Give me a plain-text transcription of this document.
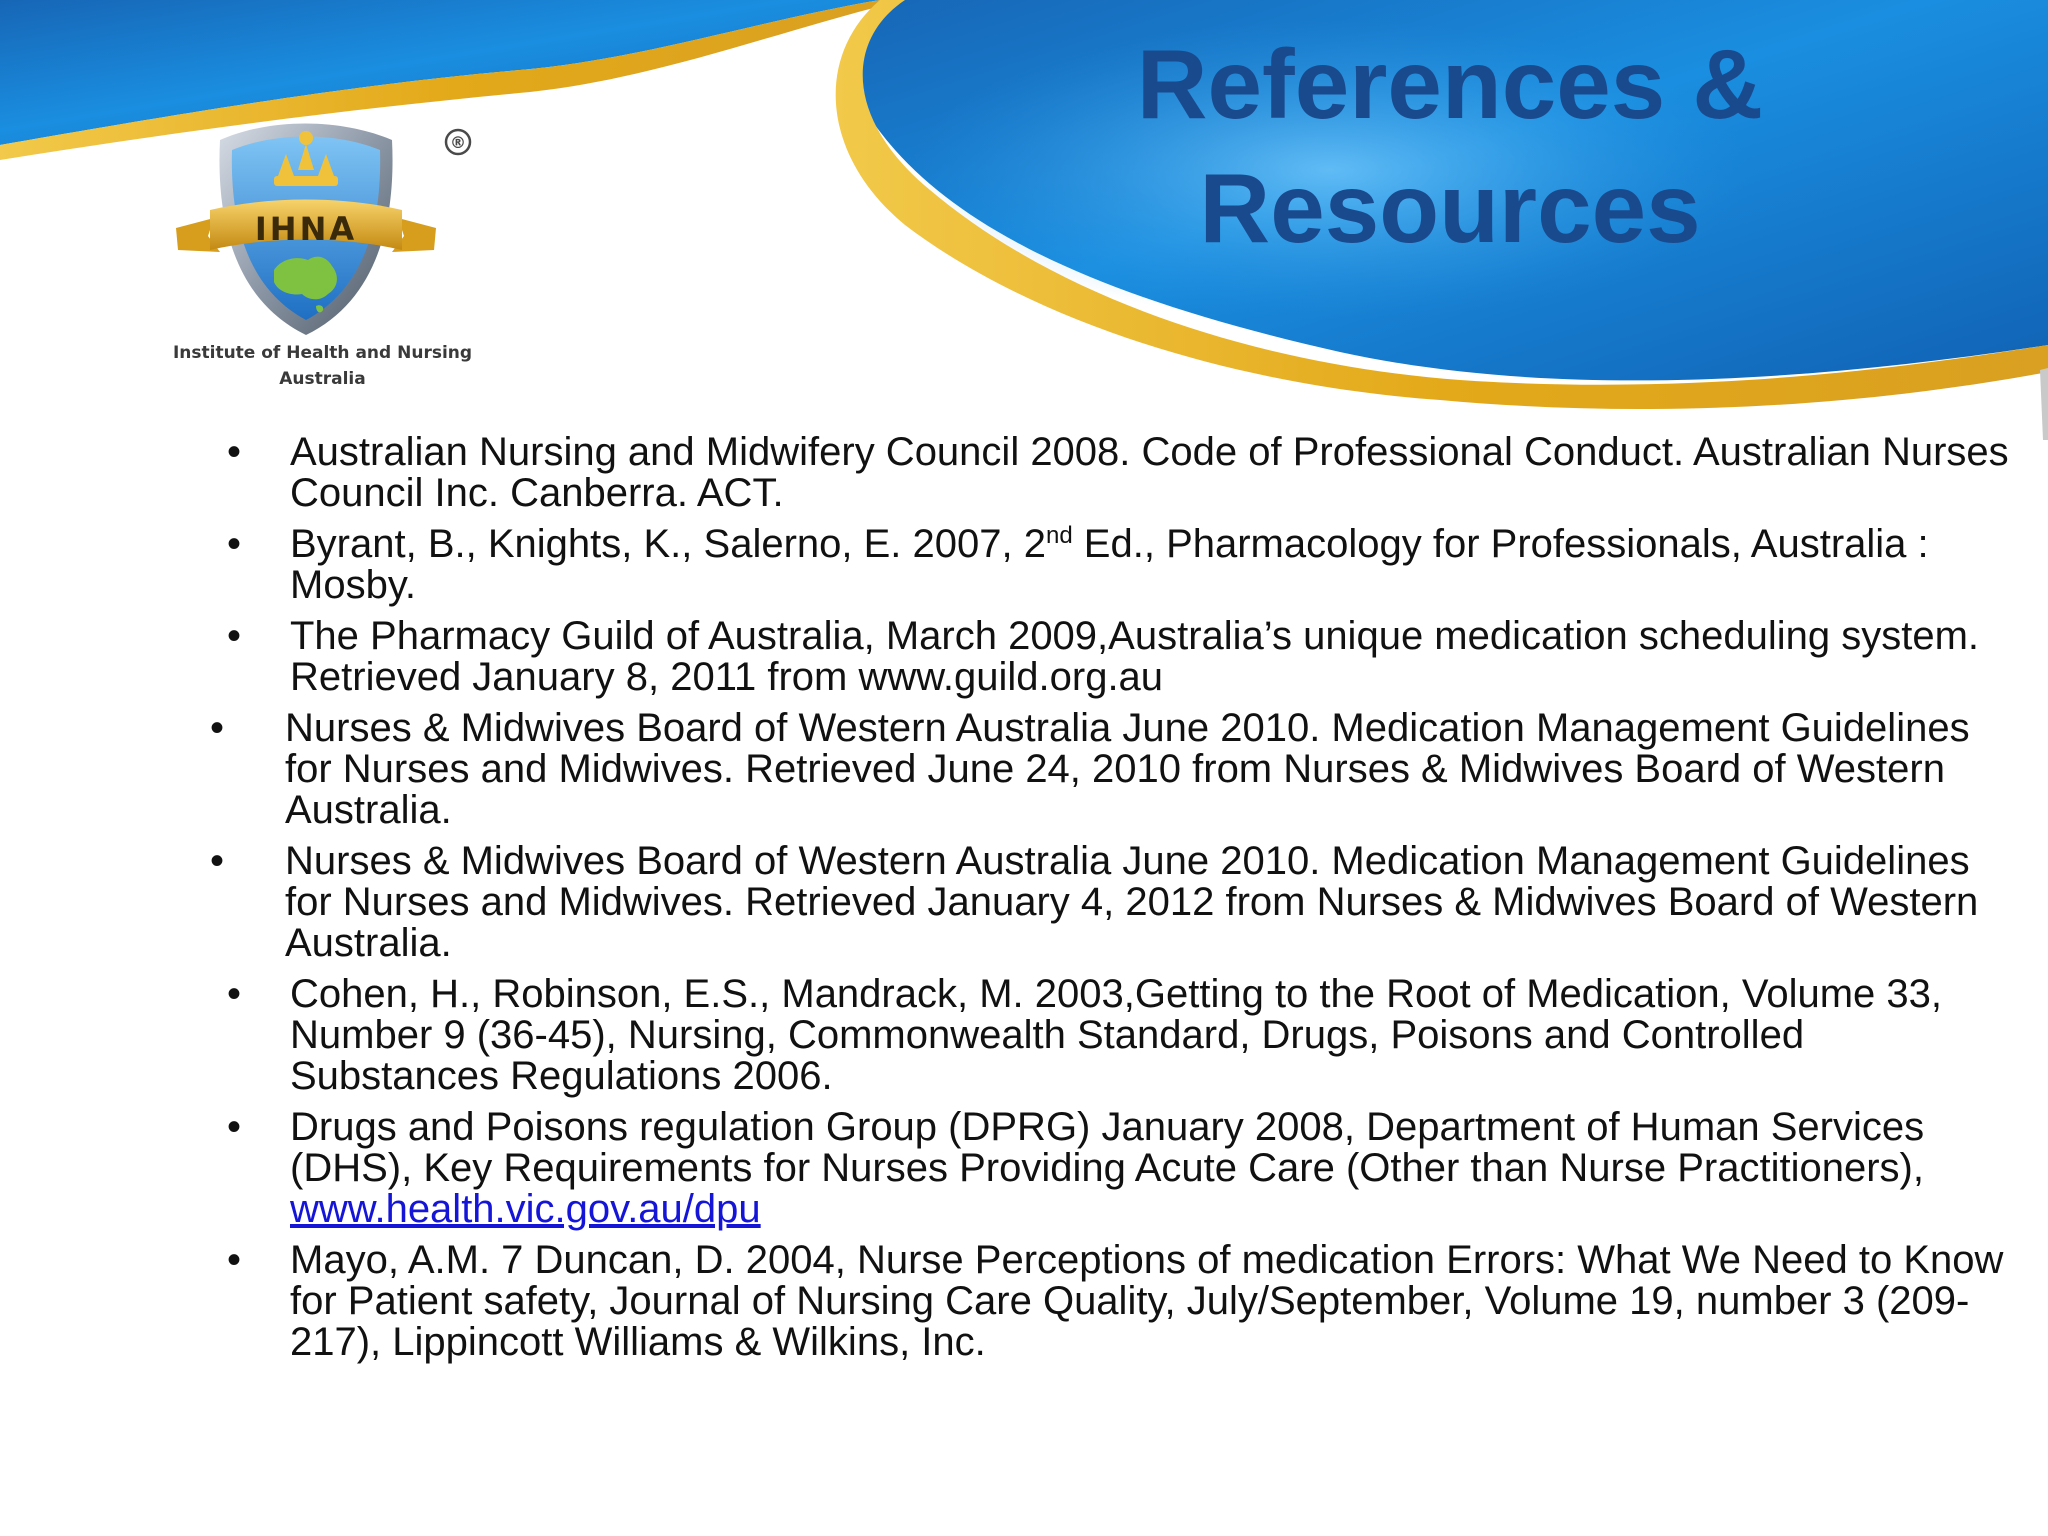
References &
Resources
®
IHNA
Institute of Health and Nursing
Australia
• Australian Nursing and Midwifery Council 2008. Code of Professional Conduct. Australian Nurses Council Inc. Canberra. ACT.
• Byrant, B., Knights, K., Salerno, E. 2007, 2nd Ed., Pharmacology for Professionals, Australia : Mosby.
• The Pharmacy Guild of Australia, March 2009,Australia’s unique medication scheduling system. Retrieved January 8, 2011 from www.guild.org.au
• Nurses & Midwives Board of Western Australia June 2010. Medication Management Guidelines for Nurses and Midwives. Retrieved June 24, 2010 from Nurses & Midwives Board of Western Australia.
• Nurses & Midwives Board of Western Australia June 2010. Medication Management Guidelines for Nurses and Midwives. Retrieved January 4, 2012 from Nurses & Midwives Board of Western Australia.
• Cohen, H., Robinson, E.S., Mandrack, M. 2003,Getting to the Root of Medication, Volume 33, Number 9 (36-45), Nursing, Commonwealth Standard, Drugs, Poisons and Controlled Substances Regulations 2006.
• Drugs and Poisons regulation Group (DPRG) January 2008, Department of Human Services (DHS), Key Requirements for Nurses Providing Acute Care (Other than Nurse Practitioners), www.health.vic.gov.au/dpu
• Mayo, A.M. 7 Duncan, D. 2004, Nurse Perceptions of medication Errors: What We Need to Know for Patient safety, Journal of Nursing Care Quality, July/September, Volume 19, number 3 (209-217), Lippincott Williams & Wilkins, Inc.
